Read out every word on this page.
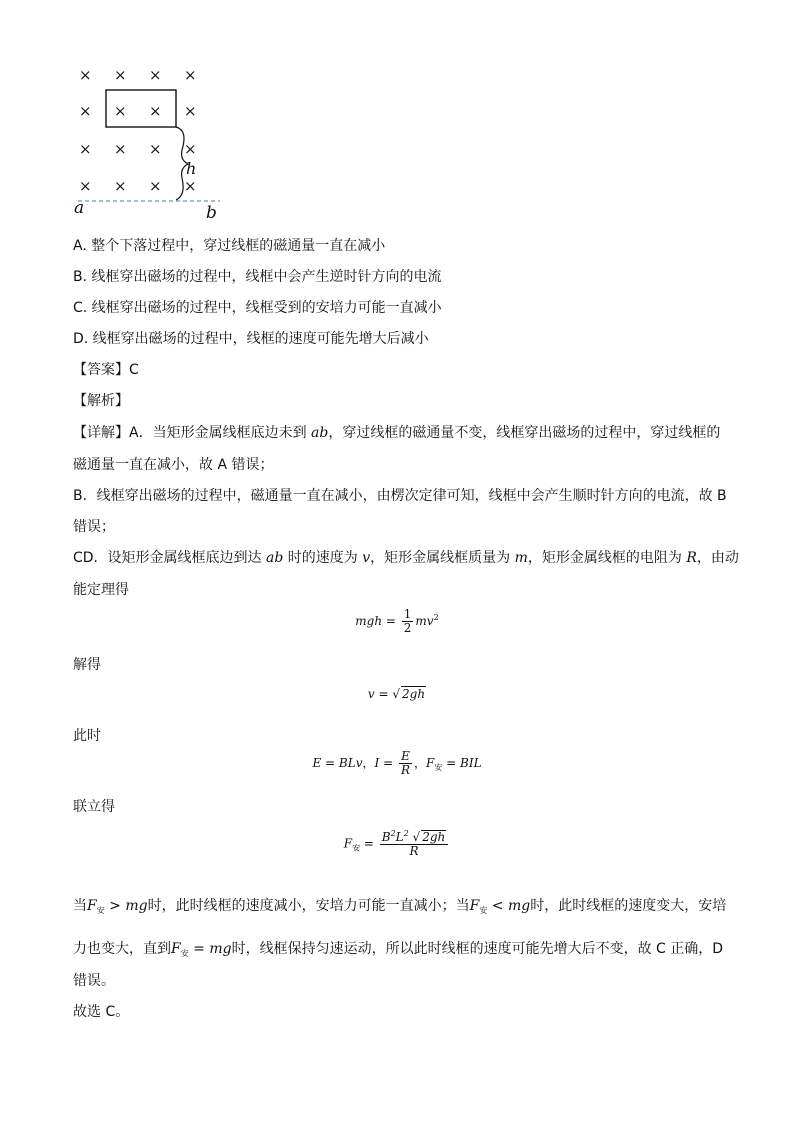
× × × ×
× × × ×
× × × ×
× × × ×
h
a	b
A. 整个下落过程中，穿过线框的磁通量一直在减小
B. 线框穿出磁场的过程中，线框中会产生逆时针方向的电流
C. 线框穿出磁场的过程中，线框受到的安培力可能一直减小
D. 线框穿出磁场的过程中，线框的速度可能先增大后减小
【答案】C
【解析】
【详解】A．当矩形金属线框底边未到 ab，穿过线框的磁通量不变，线框穿出磁场的过程中，穿过线框的
磁通量一直在减小，故 A 错误；
B．线框穿出磁场的过程中，磁通量一直在减小，由楞次定律可知，线框中会产生顺时针方向的电流，故 B
错误；
CD．设矩形金属线框底边到达 ab 时的速度为 v，矩形金属线框质量为 m，矩形金属线框的电阻为 R，由动
能定理得
mgh = $\frac{1}{2} mv^2$
解得
v = √ 2gh
此时
E = BLv，$I = \frac{E}{R}$ ，$F_安$ = BIL
联立得
$F_安 = \frac{B^2L^2 √ 2gh}{R}$
当$F_安$ > mg时，此时线框的速度减小，安培力可能一直减小；当$F_安$ < mg时，此时线框的速度变大，安培
力也变大，直到$F_安$ = mg时，线框保持匀速运动，所以此时线框的速度可能先增大后不变，故 C 正确，D
错误。
故选 C。
